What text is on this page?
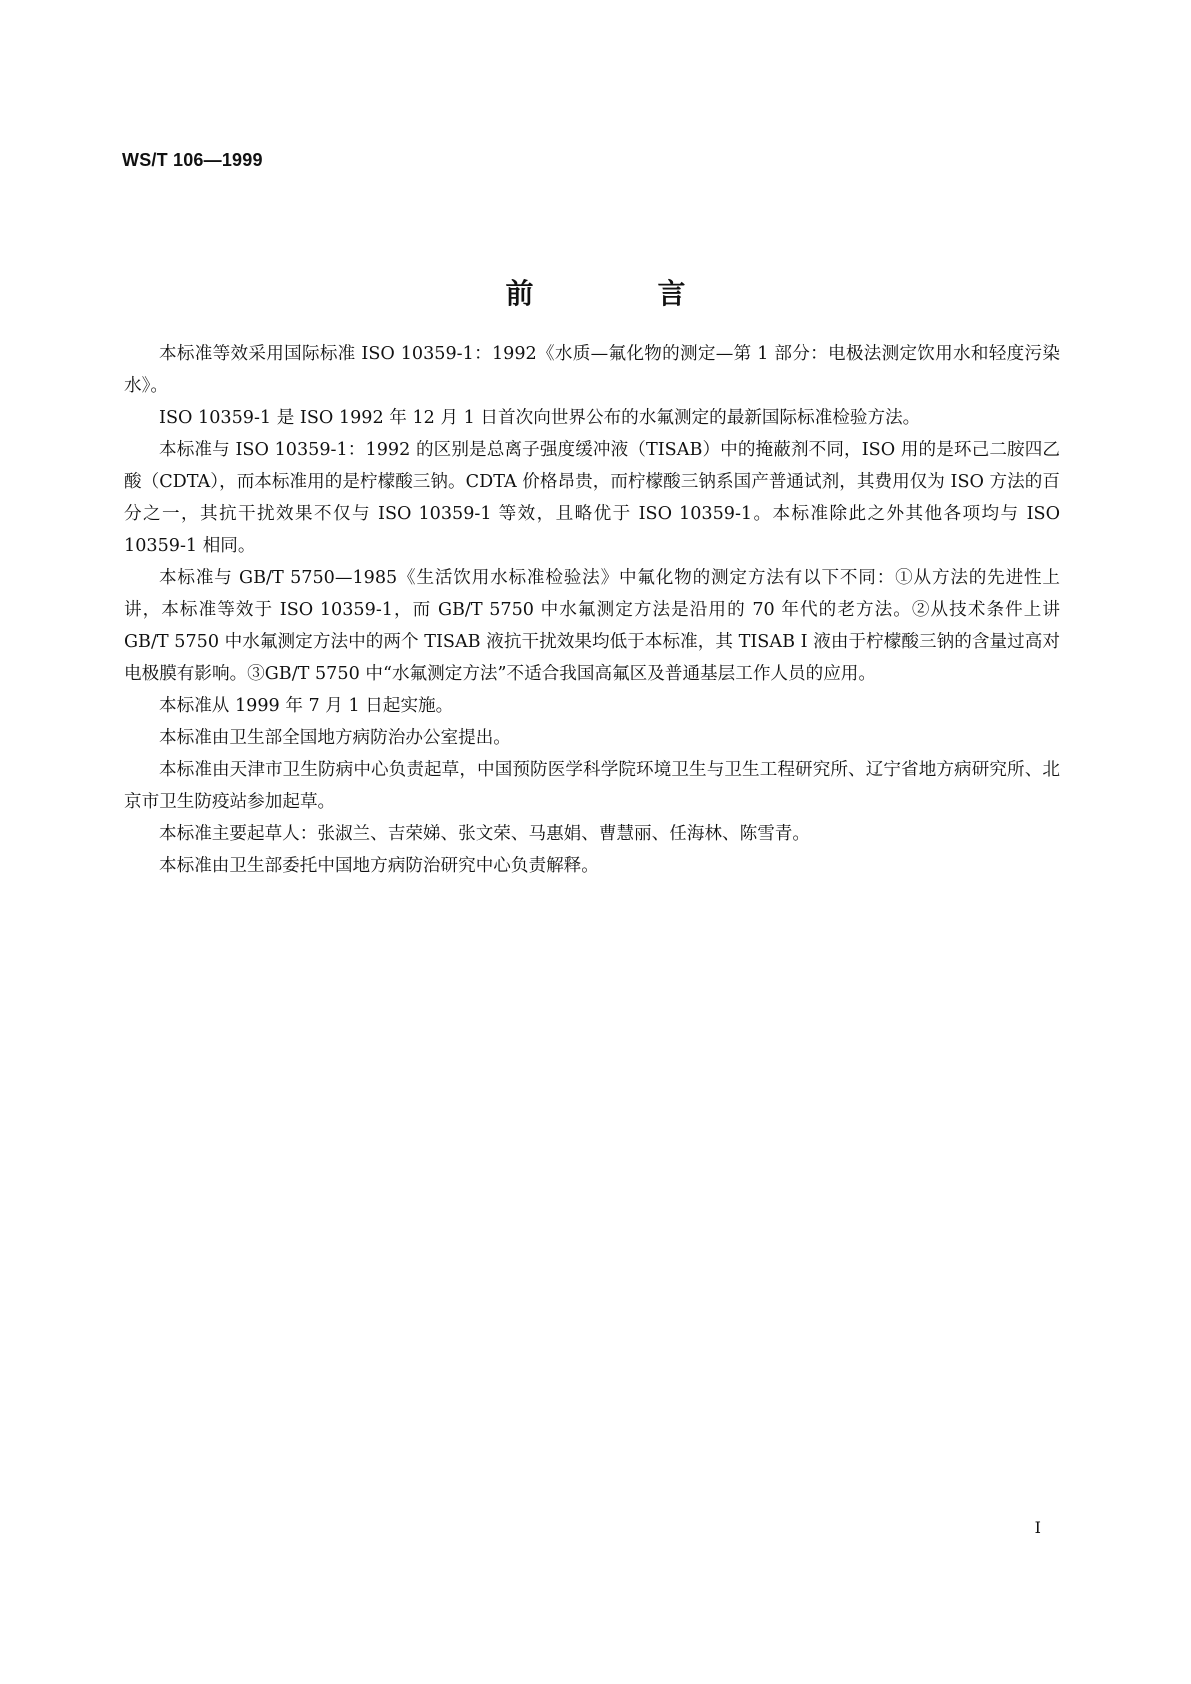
WS/T 106—1999
前　言

本标准等效采用国际标准 ISO 10359-1：1992《水质—氟化物的测定—第 1 部分：电极法测定饮用水和轻度污染水》。

ISO 10359-1 是 ISO 1992 年 12 月 1 日首次向世界公布的水氟测定的最新国际标准检验方法。

本标准与 ISO 10359-1：1992 的区别是总离子强度缓冲液（TISAB）中的掩蔽剂不同，ISO 用的是环己二胺四乙酸（CDTA），而本标准用的是柠檬酸三钠。CDTA 价格昂贵，而柠檬酸三钠系国产普通试剂，其费用仅为 ISO 方法的百分之一，其抗干扰效果不仅与 ISO 10359-1 等效，且略优于 ISO 10359-1。本标准除此之外其他各项均与 ISO 10359-1 相同。

本标准与 GB/T 5750—1985《生活饮用水标准检验法》中氟化物的测定方法有以下不同：①从方法的先进性上讲，本标准等效于 ISO 10359-1，而 GB/T 5750 中水氟测定方法是沿用的 70 年代的老方法。②从技术条件上讲 GB/T 5750 中水氟测定方法中的两个 TISAB 液抗干扰效果均低于本标准，其 TISAB Ⅰ 液由于柠檬酸三钠的含量过高对电极膜有影响。③GB/T 5750 中“水氟测定方法”不适合我国高氟区及普通基层工作人员的应用。

本标准从 1999 年 7 月 1 日起实施。

本标准由卫生部全国地方病防治办公室提出。

本标准由天津市卫生防病中心负责起草，中国预防医学科学院环境卫生与卫生工程研究所、辽宁省地方病研究所、北京市卫生防疫站参加起草。

本标准主要起草人：张淑兰、吉荣娣、张文荣、马惠娟、曹慧丽、任海林、陈雪青。

本标准由卫生部委托中国地方病防治研究中心负责解释。

I
